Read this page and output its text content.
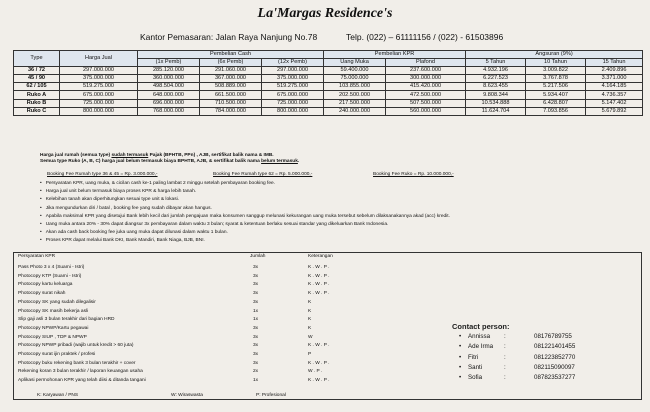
La'Margas Residence's
Kantor Pemasaran: Jalan Raya Nanjung No.78	Telp. (022) – 61111156 / (022) - 61503896
Type	Harga Jual	Pembelian Cash			Pembelian KPR		Angsuran (9%)		
		(1x Pemb)	(6x Pemb)	(12x Pemb)	Uang Muka	Plafond	5 Tahun	10 Tahun	15 Tahun
36 / 72	297.000.000	285.120.000	291.060.000	297.000.000	59.400.000	237.600.000	4.932.196	3.009.822	2.409.896
45 / 90	375.000.000	360.000.000	367.000.000	375.000.000	75.000.000	300.000.000	6.227.523	3.767.878	3.371.000
62 / 105	519.275.000	498.504.000	508.889.000	519.275.000	103.855.000	415.420.000	8.623.455	5.217.506	4.164.185
Ruko A	675.000.000	648.000.000	661.500.000	675.000.000	202.500.000	472.500.000	9.808.344	5.934.407	4.736.357
Ruko B	725.000.000	696.000.000	710.500.000	725.000.000	217.500.000	507.500.000	10.534.888	6.428.807	5.147.402
Ruko C	800.000.000	768.000.000	784.000.000	800.000.000	240.000.000	560.000.000	11.624.704	7.093.856	5.679.892
Harga jual rumah (semua type) sudah termasuk Pajak (BPHTB, PPn) , AJB, sertifikat balik nama & IMB.
Semua type Ruko (A, B, C) harga jual belum termasuk biaya BPHTB, AJB, & sertifikat balik nama belum termasuk.
Booking Fee Rumah type 36 & 45 = Rp. 3.000.000,-	Booking Fee Rumah type 62 = Rp. 5.000.000,-	Booking Fee Ruko = Rp. 10.000.000,-
• Persyaratan KPR, uang muka, & cicilan cash ke-1 paling lambat 2 minggu setelah pembayaran booking fee.
• Harga jual unit belum termasuk biaya proses KPR & harga lebih tanah.
• Kelebihan tanah akan diperhitungkan sesuai type unit & lokasi.
• Jika mengundurkan diri / batal , booking fee yang sudah dibayar akan hangus.
• Apabila maksimal KPR yang disetujui Bank lebih kecil dari jumlah pengajuan maka konsumen sanggup melunasi kekurangan uang muka tersebut sebelum dilaksanakannya akad (acc) kredit.
• Uang muka antara 20% - 30% dapat diangsur 3x pembayaran dalam waktu 3 bulan; syarat & ketentuan berlaku sesuai standar yang dikeluarkan Bank Indonesia.
• Akan ada cash back booking fee juka uang muka dapat dilunasi dalam waktu 1 bulan.
• Proses KPR dapat melalui Bank DKI, Bank Mandiri, Bank Niaga, BJB, BNI.
Persyaratan KPR	Jumlah	Keterangan
Pass Photo 3 x 4 (Suami - Istri)	3x	K . W . P .
Photocopy KTP (Suami - Istri)	3x	K . W . P .
Photocopy kartu keluarga	3x	K . W . P .
Photocopy surat nikah	3x	K . W . P .
Photocopy SK yang sudah dilegalisir	3x	K
Photocopy SK masih bekerja asli	1x	K
Slip gaji asli 3 bulan terakhir dari bagian HRD	1x	K
Photocopy NPWP/Kartu pegawai	3x	K
Photocopy SIUP , TDP & NPWP	3x	W
Photocopy NPWP pribadi (wajib untuk kredit > 60 juta)	3x	K . W . P .
Photocopy surat ijin praktek / profesi	3x	P
Photocopy buku rekening bank 3 bulan terakhir + cover	3x	K . W . P .
Rekening koran 3 bulan terakhir / laporan keuangan usaha	2x	W . P .
Aplikasi permohonan KPR yang telah diisi & ditanda tangani	1x	K . W . P .
K: Karyawan / PNS	W: Wiraswasta	P: Profesional
Contact person:
• Annissa :	08176789755
• Ade Irma :	081221401455
• Fitri	:	081223852770
• Santi	:	082115090097
• Sofia	:	087823537277
